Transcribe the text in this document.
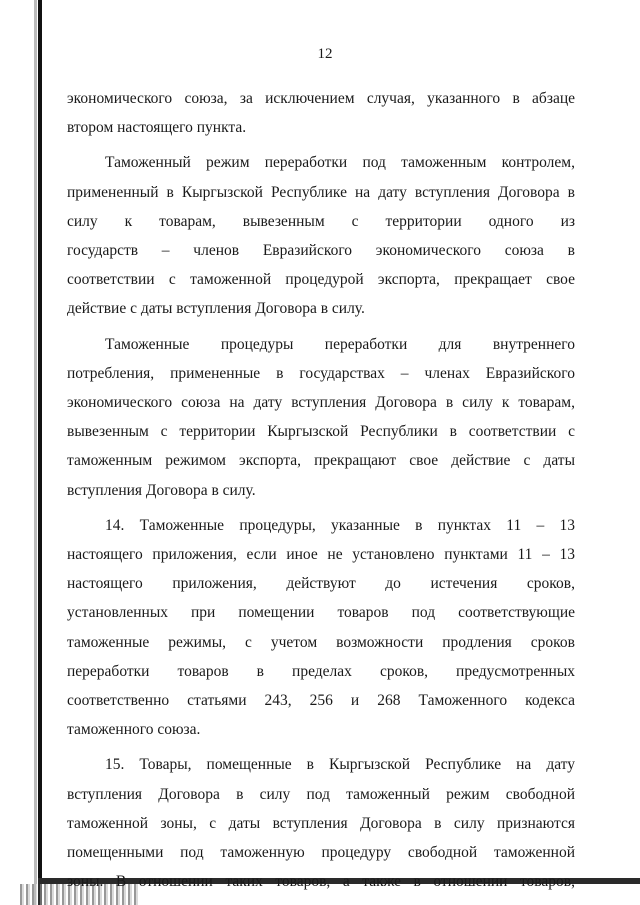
12
экономического союза, за исключением случая, указанного в абзаце
втором настоящего пункта.
Таможенный режим переработки под таможенным контролем,
примененный в Кыргызской Республике на дату вступления Договора в
силу к товарам, вывезенным с территории одного из
государств – членов Евразийского экономического союза в
соответствии с таможенной процедурой экспорта, прекращает свое
действие с даты вступления Договора в силу.
Таможенные процедуры переработки для внутреннего
потребления, примененные в государствах – членах Евразийского
экономического союза на дату вступления Договора в силу к товарам,
вывезенным с территории Кыргызской Республики в соответствии с
таможенным режимом экспорта, прекращают свое действие с даты
вступления Договора в силу.
14. Таможенные процедуры, указанные в пунктах 11 – 13
настоящего приложения, если иное не установлено пунктами 11 – 13
настоящего приложения, действуют до истечения сроков,
установленных при помещении товаров под соответствующие
таможенные режимы, с учетом возможности продления сроков
переработки товаров в пределах сроков, предусмотренных
соответственно статьями 243, 256 и 268 Таможенного кодекса
таможенного союза.
15. Товары, помещенные в Кыргызской Республике на дату
вступления Договора в силу под таможенный режим свободной
таможенной зоны, с даты вступления Договора в силу признаются
помещенными под таможенную процедуру свободной таможенной
зоны. В отношении таких товаров, а также в отношении товаров,
